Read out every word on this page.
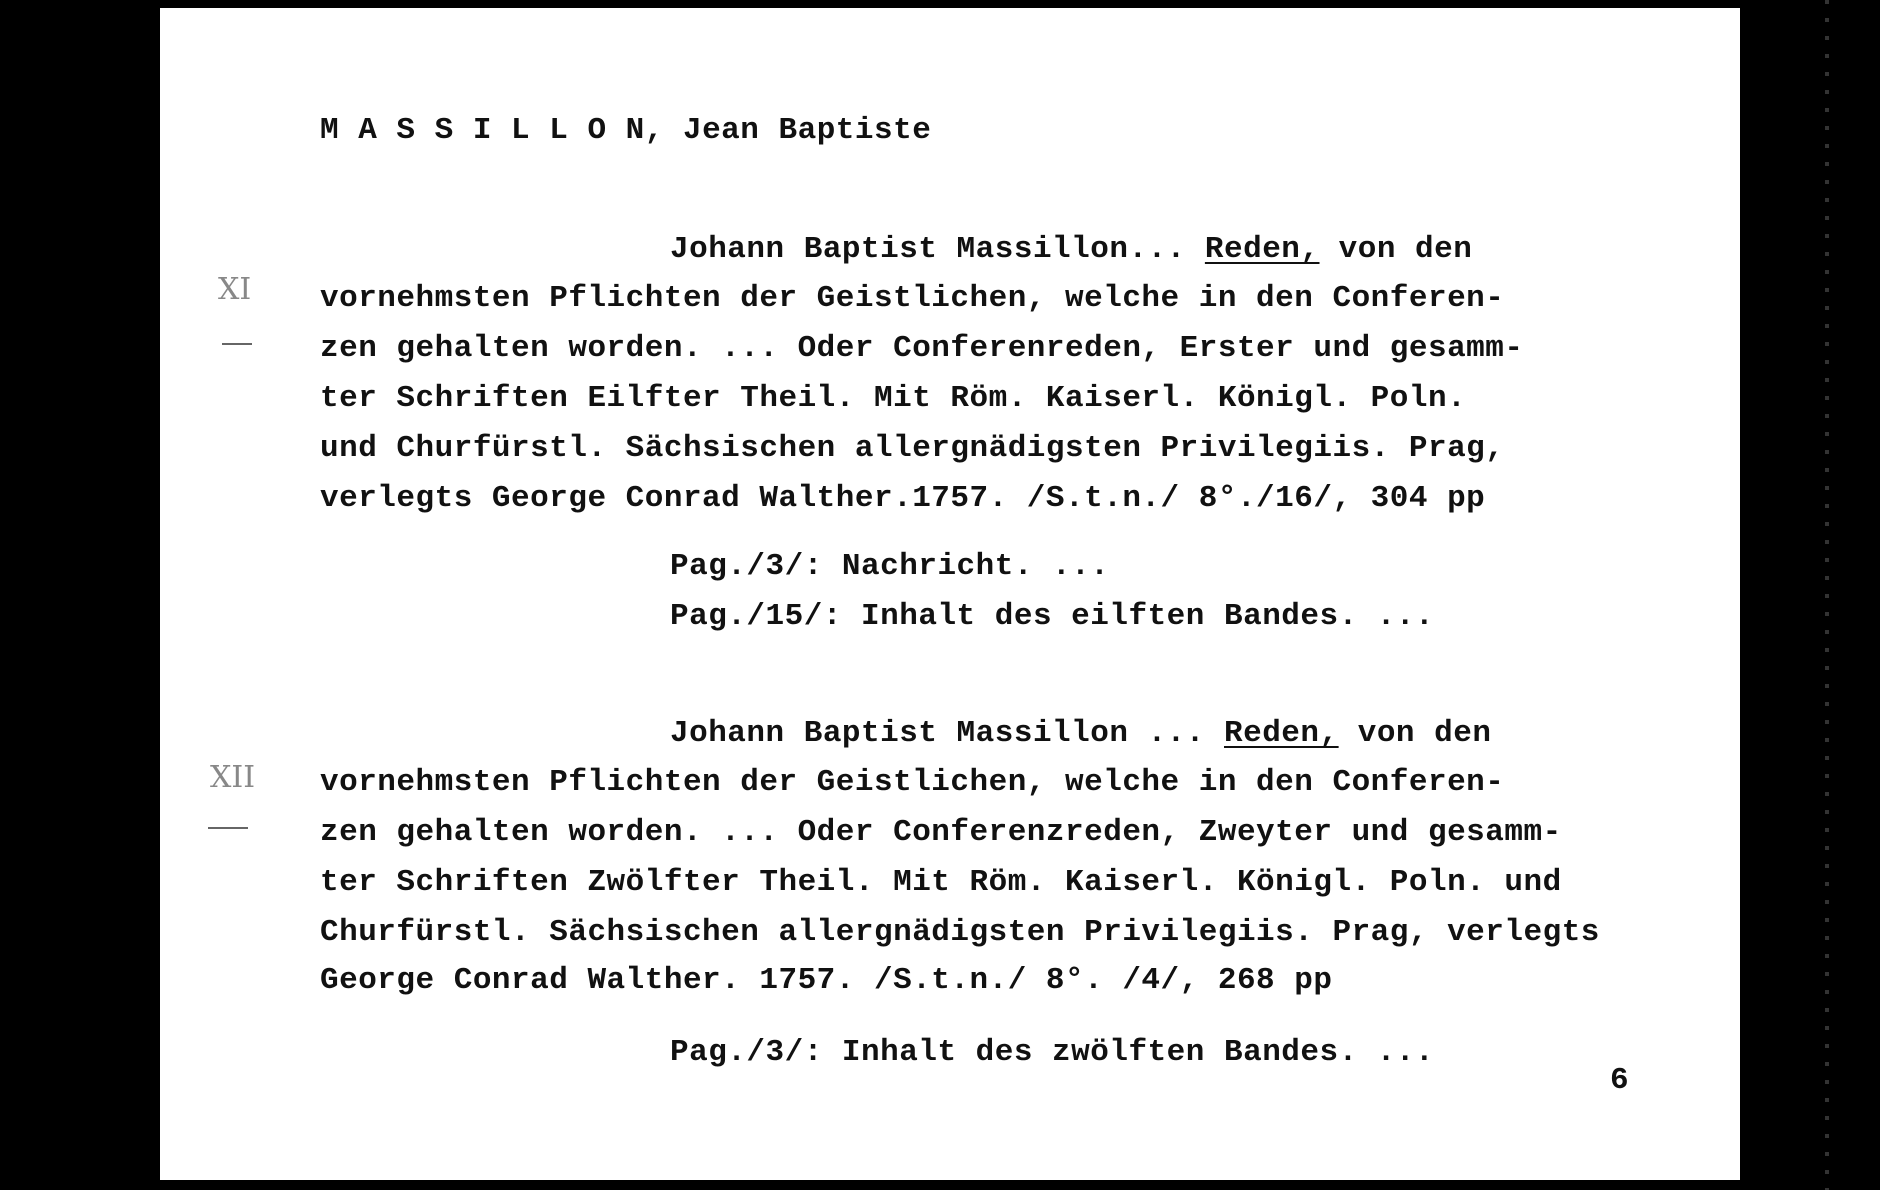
M A S S I L L O N, Jean Baptiste
XI
Johann Baptist Massillon... Reden, von den
vornehmsten Pflichten der Geistlichen, welche in den Conferen-
zen gehalten worden. ... Oder Conferenreden, Erster und gesamm-
ter Schriften Eilfter Theil. Mit Röm. Kaiserl. Königl. Poln.
und Churfürstl. Sächsischen allergnädigsten Privilegiis. Prag,
verlegts George Conrad Walther.1757. /S.t.n./ 8°./16/, 304 pp
Pag./3/: Nachricht. ...
Pag./15/: Inhalt des eilften Bandes. ...
XII
Johann Baptist Massillon ... Reden, von den
vornehmsten Pflichten der Geistlichen, welche in den Conferen-
zen gehalten worden. ... Oder Conferenzreden, Zweyter und gesamm-
ter Schriften Zwölfter Theil. Mit Röm. Kaiserl. Königl. Poln. und
Churfürstl. Sächsischen allergnädigsten Privilegiis. Prag, verlegts
George Conrad Walther. 1757. /S.t.n./ 8°. /4/, 268 pp
Pag./3/: Inhalt des zwölften Bandes. ...
6
